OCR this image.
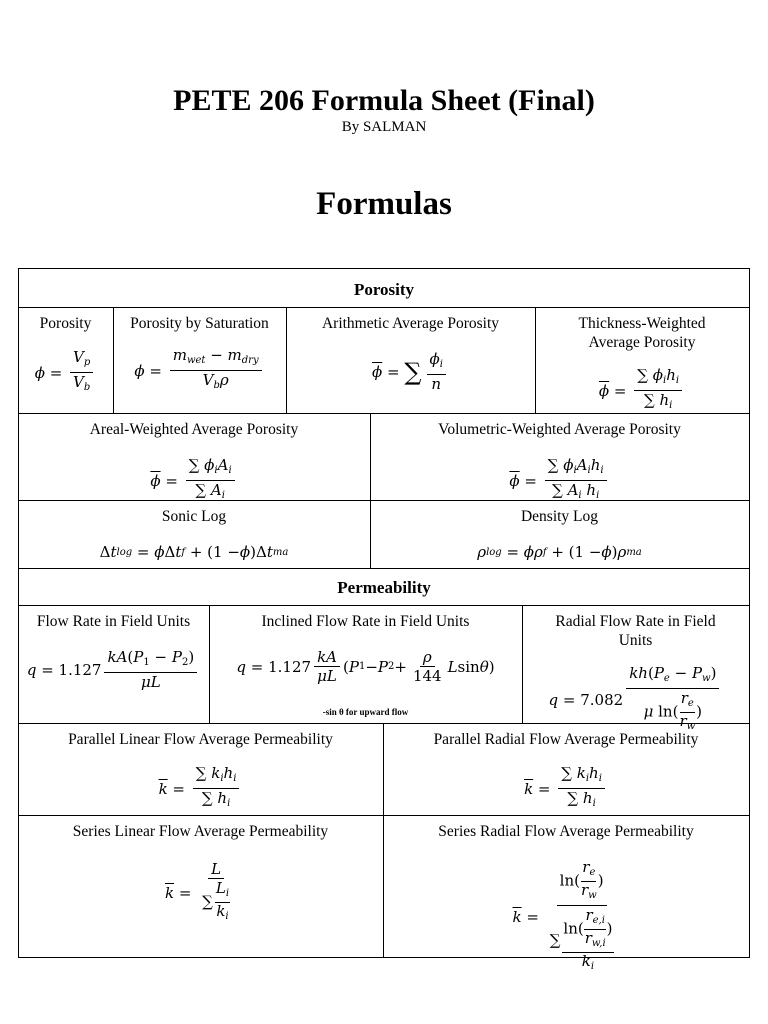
PETE 206 Formula Sheet (Final)
By SALMAN
Formulas
Porosity
Porosity
ϕ =
$V_p$
$V_b$
Porosity by Saturation
ϕ =
$m_{wet} - m_{dry}$
$V_b\rho$
Arithmetic Average Porosity
$\overline{\phi}$ = ∑ $\phi_i$
n
Thickness-Weighted Average Porosity
$\overline{\phi}$ =
∑ $\phi_ih_i$
∑ $h_i$
Areal-Weighted Average Porosity
$\overline{\phi}$ =
∑ $\phi_iA_i$
∑ $A_i$
Volumetric-Weighted Average Porosity
$\overline{\phi}$ =
∑ $\phi_iA_ih_i$
∑ $A_i$ $h_i$
Sonic Log
Δ t log = ϕ Δ t f + (1 − ϕ )Δ t ma
Density Log
ρ log = ϕρ f + (1 − ϕ ) ρ ma
Permeability
Flow Rate in Field Units
q = 1.127
$kA(P_1 - P_2)$
μL
Inclined Flow Rate in Field Units
q = 1.127
kA
μL
( P 1 − P 2 +
ρ
144
L sin θ )
-sin θ for upward flow
Radial Flow Rate in Field Units
q = 7.082
$kh(P_e - P_w)$
μ $\ln( \frac{r_e}{r_w}$ )
Parallel Linear Flow Average Permeability
$\overline{k}$ =
∑ $k_ih_i$
∑ $h_i$
Parallel Radial Flow Average Permeability
$\overline{k}$ =
∑ $k_ih_i$
∑ $h_i$
Series Linear Flow Average Permeability
$\overline{k}$ =
L
∑ $\frac{L_i}{k_i}$
Series Radial Flow Average Permeability
$\overline{k}$ =
$\ln( \frac{r_e}{r_w}$ )
∑
$\ln( \frac{r_{e,i}}{r_{w,i}}$ )
$k_i$
